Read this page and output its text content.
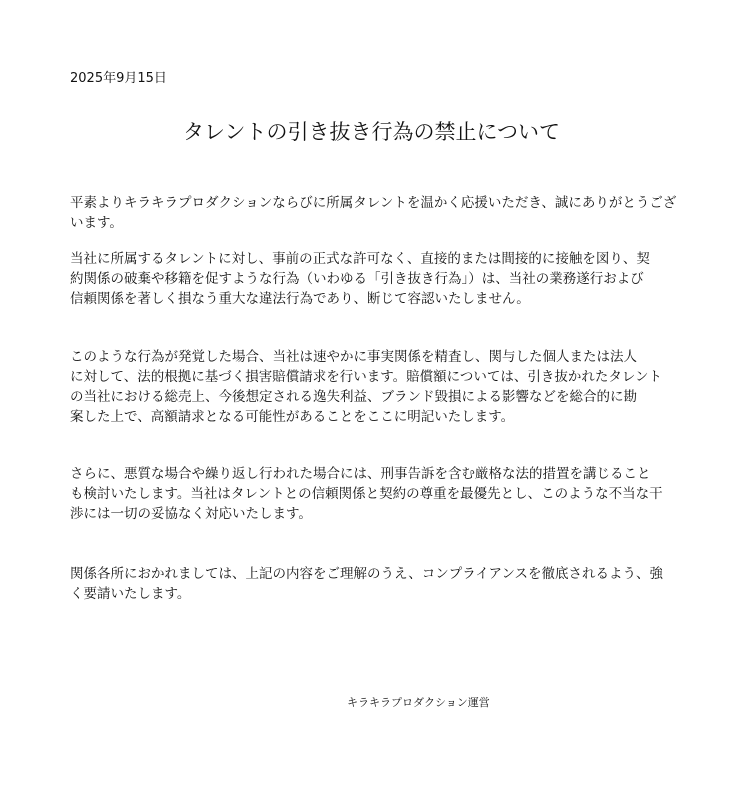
2025年9月15日
タレントの引き抜き行為の禁止について
平素よりキラキラプロダクションならびに所属タレントを温かく応援いただき、誠にありがとうござ
います。
当社に所属するタレントに対し、事前の正式な許可なく、直接的または間接的に接触を図り、契
約関係の破棄や移籍を促すような行為（いわゆる「引き抜き行為」）は、当社の業務遂行および
信頼関係を著しく損なう重大な違法行為であり、断じて容認いたしません。
このような行為が発覚した場合、当社は速やかに事実関係を精査し、関与した個人または法人
に対して、法的根拠に基づく損害賠償請求を行います。賠償額については、引き抜かれたタレント
の当社における総売上、今後想定される逸失利益、ブランド毀損による影響などを総合的に勘
案した上で、高額請求となる可能性があることをここに明記いたします。
さらに、悪質な場合や繰り返し行われた場合には、刑事告訴を含む厳格な法的措置を講じること
も検討いたします。当社はタレントとの信頼関係と契約の尊重を最優先とし、このような不当な干
渉には一切の妥協なく対応いたします。
関係各所におかれましては、上記の内容をご理解のうえ、コンプライアンスを徹底されるよう、強
く要請いたします。
キラキラプロダクション運営
